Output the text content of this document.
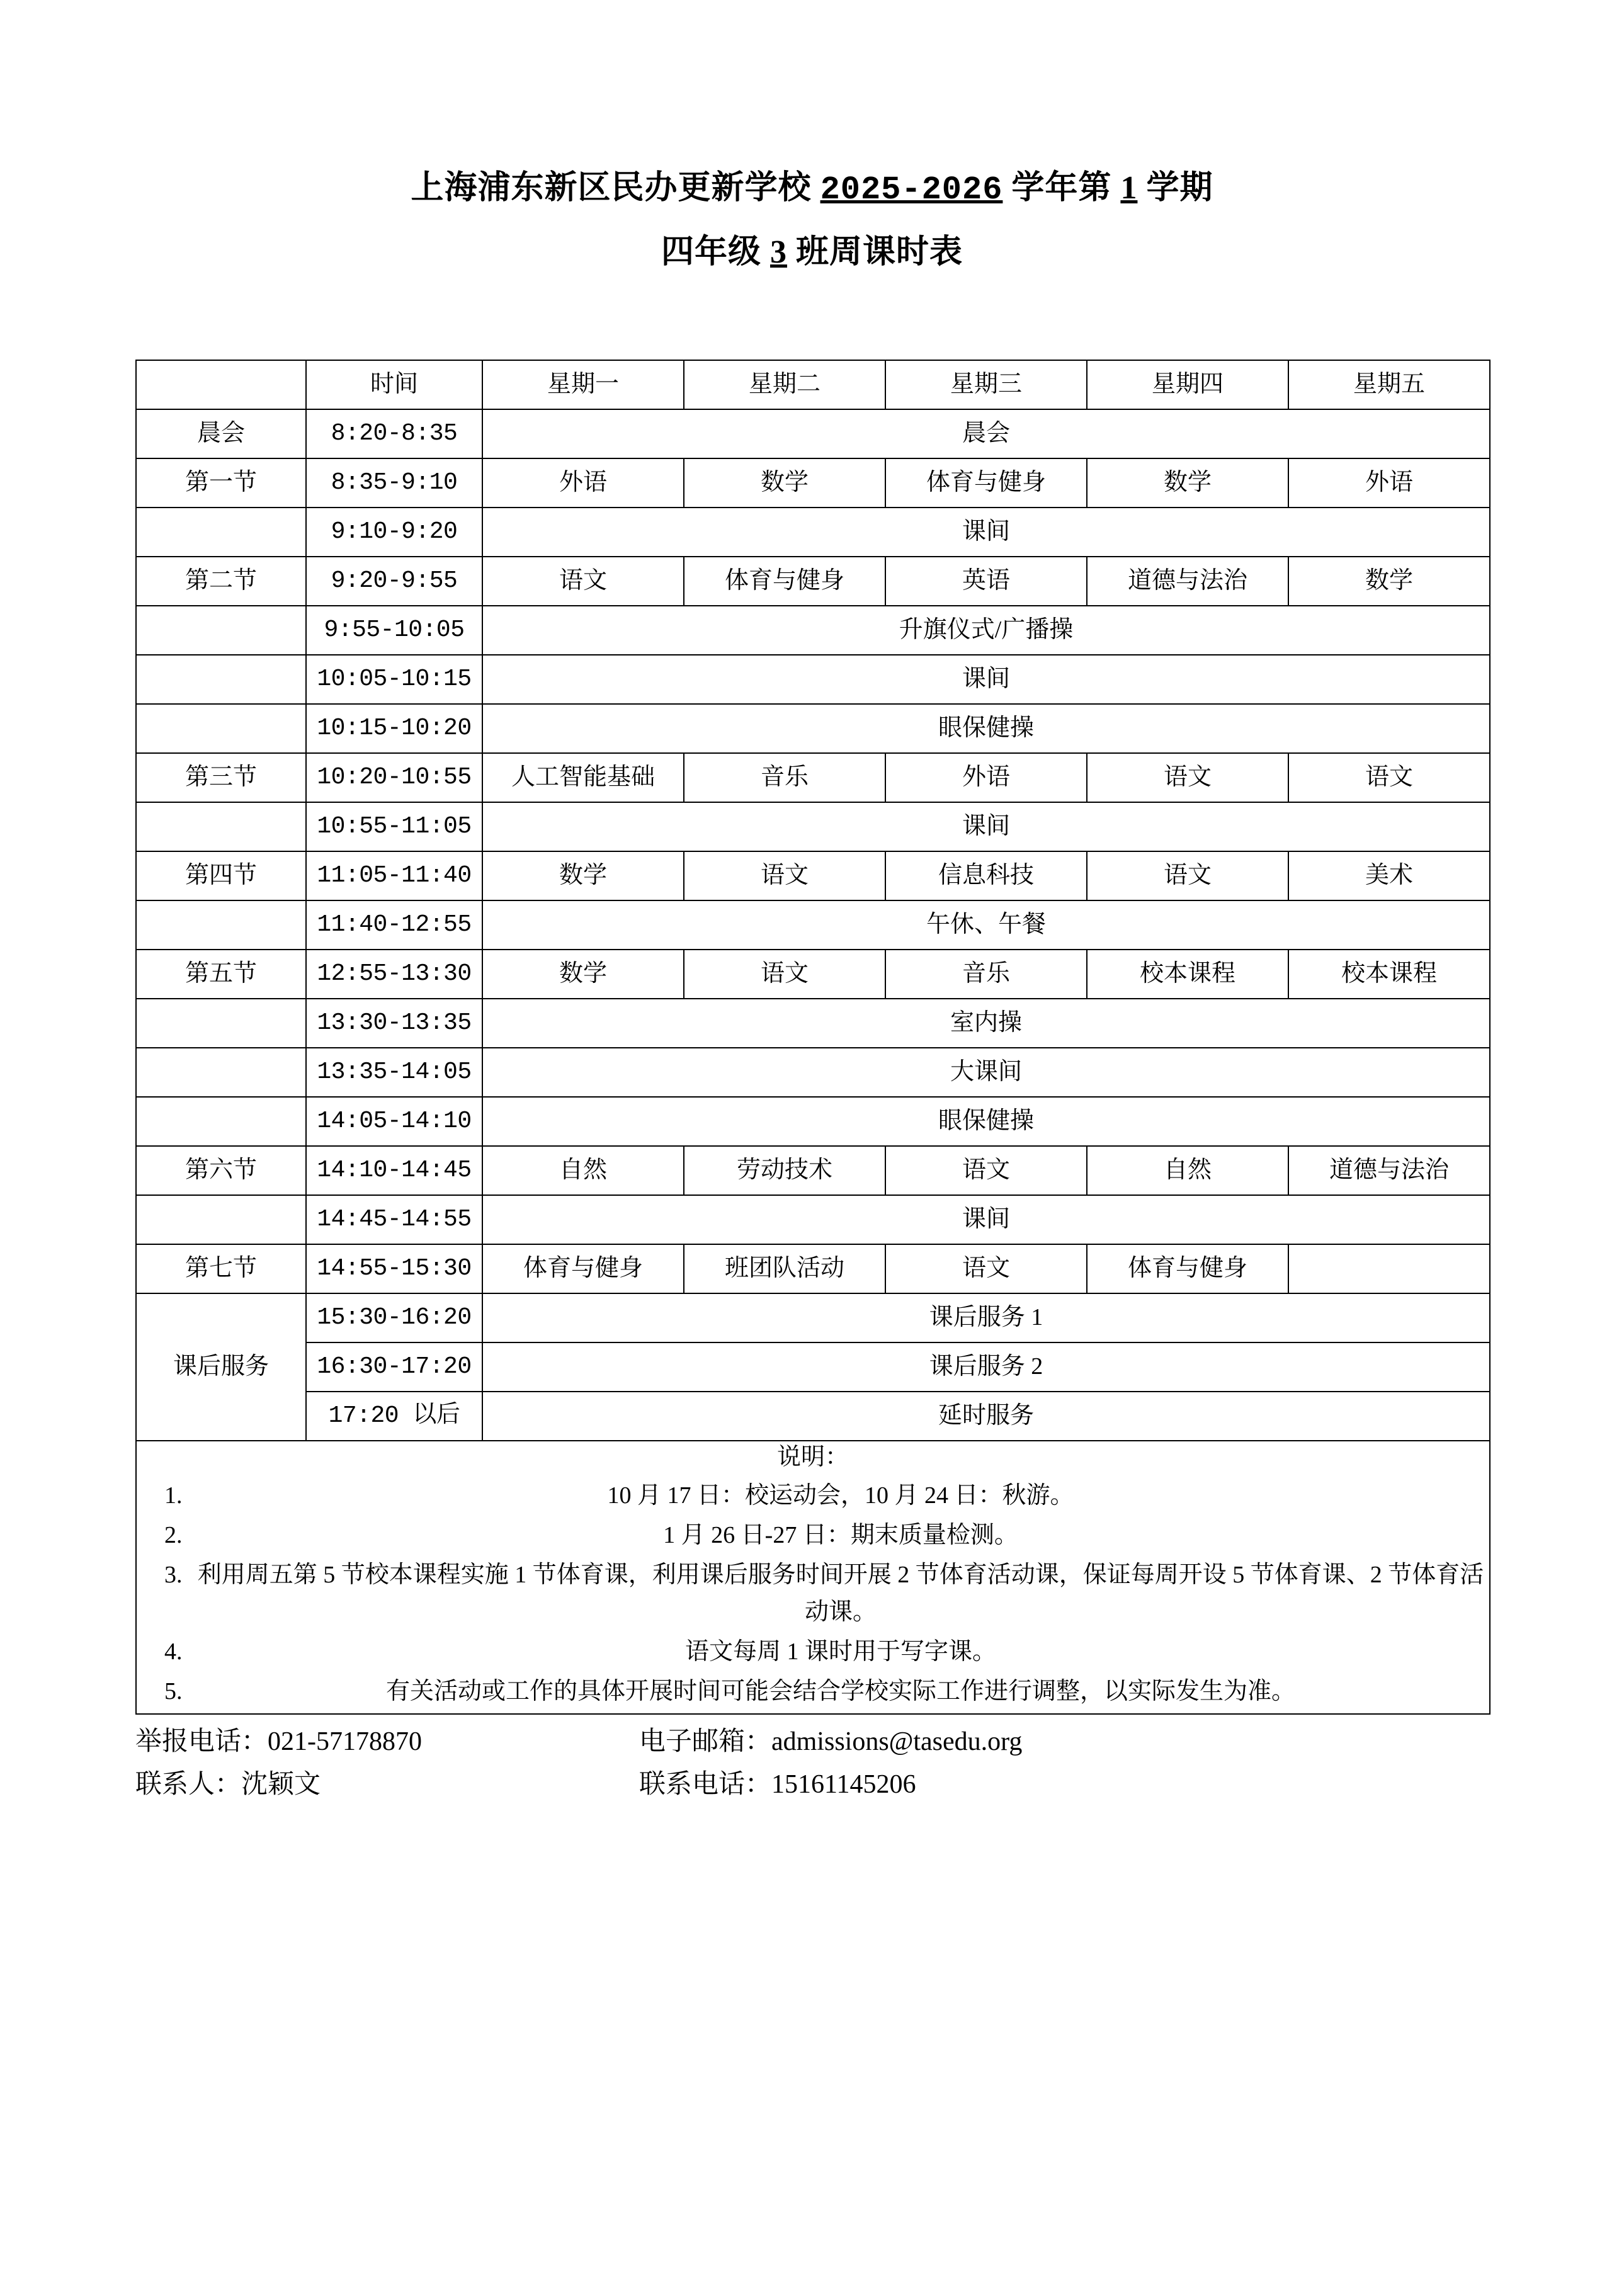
上海浦东新区民办更新学校 2025-2026 学年第 1 学期
四年级 3 班周课时表
	时间	星期一	星期二	星期三	星期四	星期五
晨会	8:20-8:35	晨会				
第一节	8:35-9:10	外语	数学	体育与健身	数学	外语
	9:10-9:20	课间				
第二节	9:20-9:55	语文	体育与健身	英语	道德与法治	数学
	9:55-10:05	升旗仪式/广播操				
	10:05-10:15	课间				
	10:15-10:20	眼保健操				
第三节	10:20-10:55	人工智能基础	音乐	外语	语文	语文
	10:55-11:05	课间				
第四节	11:05-11:40	数学	语文	信息科技	语文	美术
	11:40-12:55	午休、午餐				
第五节	12:55-13:30	数学	语文	音乐	校本课程	校本课程
	13:30-13:35	室内操				
	13:35-14:05	大课间				
	14:05-14:10	眼保健操				
第六节	14:10-14:45	自然	劳动技术	语文	自然	道德与法治
	14:45-14:55	课间				
第七节	14:55-15:30	体育与健身	班团队活动	语文	体育与健身	
课后服务	15:30-16:20	课后服务 1				
	16:30-17:20	课后服务 2				
	17:20 以后	延时服务				

说明：
1. 10 月 17 日：校运动会，10 月 24 日：秋游。
2. 1 月 26 日-27 日：期末质量检测。
3. 利用周五第 5 节校本课程实施 1 节体育课，利用课后服务时间开展 2 节体育活动课，保证每周开设 5 节体育课、2 节体育活动课。
4. 语文每周 1 课时用于写字课。
5. 有关活动或工作的具体开展时间可能会结合学校实际工作进行调整，以实际发生为准。
举报电话：021-57178870	电子邮箱：admissions@tasedu.org
联系人：沈颖文	联系电话：15161145206
